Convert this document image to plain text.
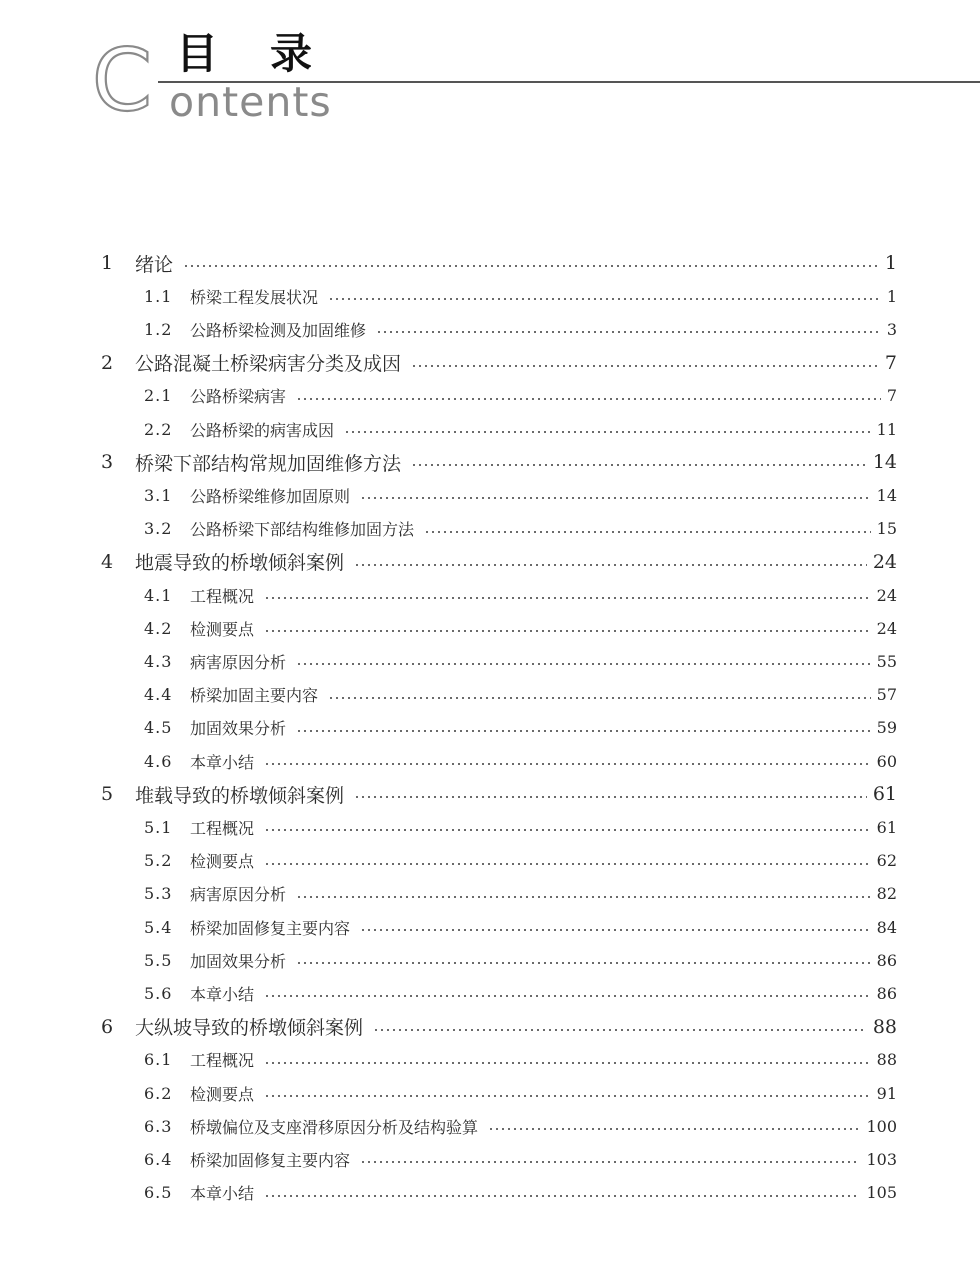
C 目录
ontents
1	绪论	1
1.1	桥梁工程发展状况	1
1.2	公路桥梁检测及加固维修	3
2	公路混凝土桥梁病害分类及成因	7
2.1	公路桥梁病害	7
2.2	公路桥梁的病害成因	11
3	桥梁下部结构常规加固维修方法	14
3.1	公路桥梁维修加固原则	14
3.2	公路桥梁下部结构维修加固方法	15
4	地震导致的桥墩倾斜案例	24
4.1	工程概况	24
4.2	检测要点	24
4.3	病害原因分析	55
4.4	桥梁加固主要内容	57
4.5	加固效果分析	59
4.6	本章小结	60
5	堆载导致的桥墩倾斜案例	61
5.1	工程概况	61
5.2	检测要点	62
5.3	病害原因分析	82
5.4	桥梁加固修复主要内容	84
5.5	加固效果分析	86
5.6	本章小结	86
6	大纵坡导致的桥墩倾斜案例	88
6.1	工程概况	88
6.2	检测要点	91
6.3	桥墩偏位及支座滑移原因分析及结构验算	100
6.4	桥梁加固修复主要内容	103
6.5	本章小结	105
